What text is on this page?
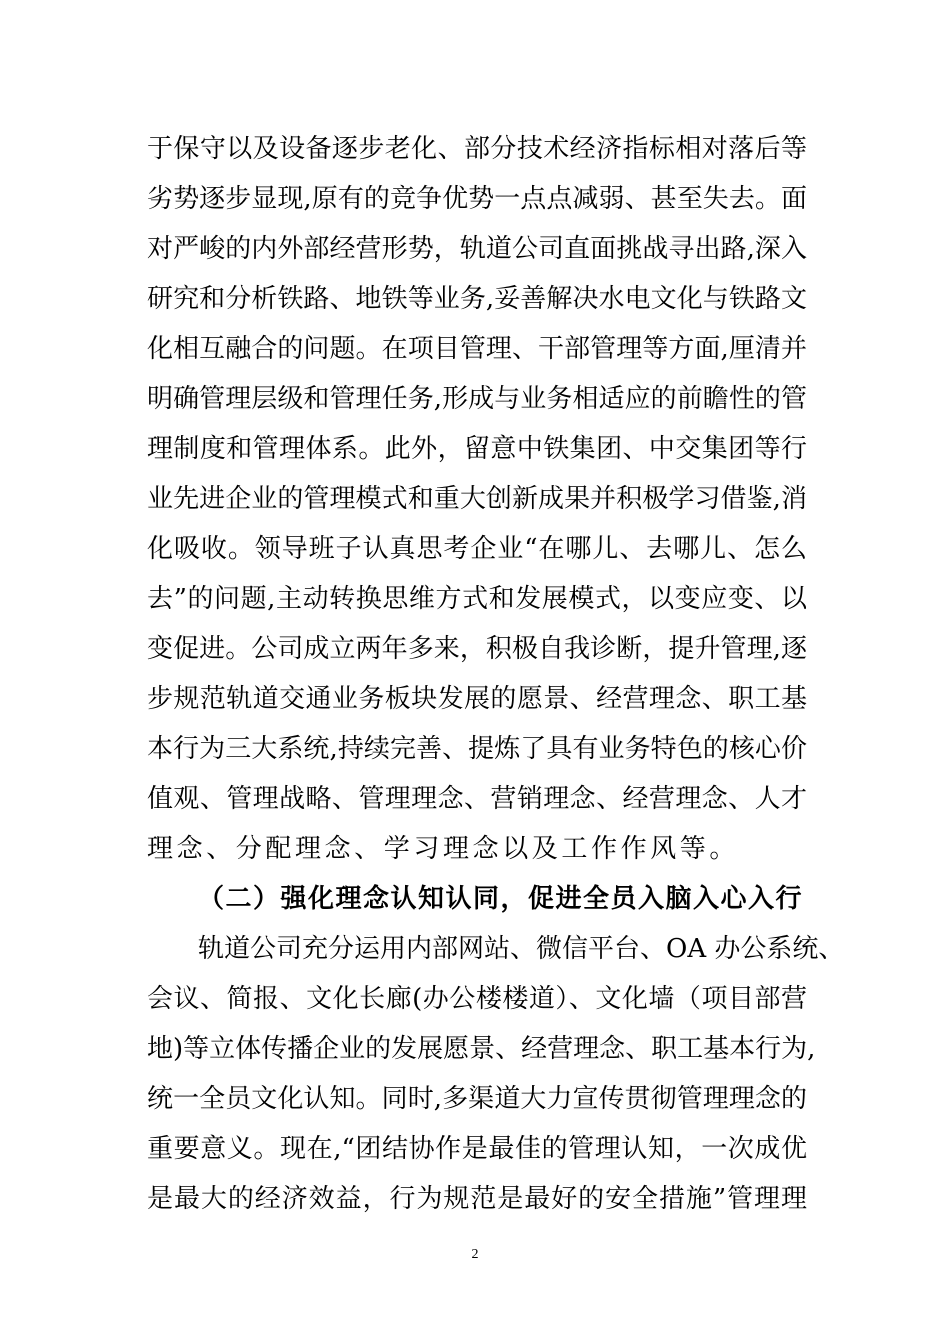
于保守以及设备逐步老化、部分技术经济指标相对落后等
劣势逐步显现,原有的竞争优势一点点减弱、甚至失去。面
对严峻的内外部经营形势，轨道公司直面挑战寻出路,深入
研究和分析铁路、地铁等业务,妥善解决水电文化与铁路文
化相互融合的问题。在项目管理、干部管理等方面,厘清并
明确管理层级和管理任务,形成与业务相适应的前瞻性的管
理制度和管理体系。此外，留意中铁集团、中交集团等行
业先进企业的管理模式和重大创新成果并积极学习借鉴,消
化吸收。领导班子认真思考企业“在哪儿、去哪儿、怎么
去”的问题,主动转换思维方式和发展模式，以变应变、以
变促进。公司成立两年多来，积极自我诊断，提升管理,逐
步规范轨道交通业务板块发展的愿景、经营理念、职工基
本行为三大系统,持续完善、提炼了具有业务特色的核心价
值观、管理战略、管理理念、营销理念、经营理念、人才
理念、分配理念、学习理念以及工作作风等。
（二）强化理念认知认同，促进全员入脑入心入行
轨道公司充分运用内部网站、微信平台、OA 办公系统、
会议、简报、文化长廊(办公楼楼道）、文化墙（项目部营
地)等立体传播企业的发展愿景、经营理念、职工基本行为,
统一全员文化认知。同时,多渠道大力宣传贯彻管理理念的
重要意义。现在,“团结协作是最佳的管理认知，一次成优
是最大的经济效益，行为规范是最好的安全措施”管理理
2
